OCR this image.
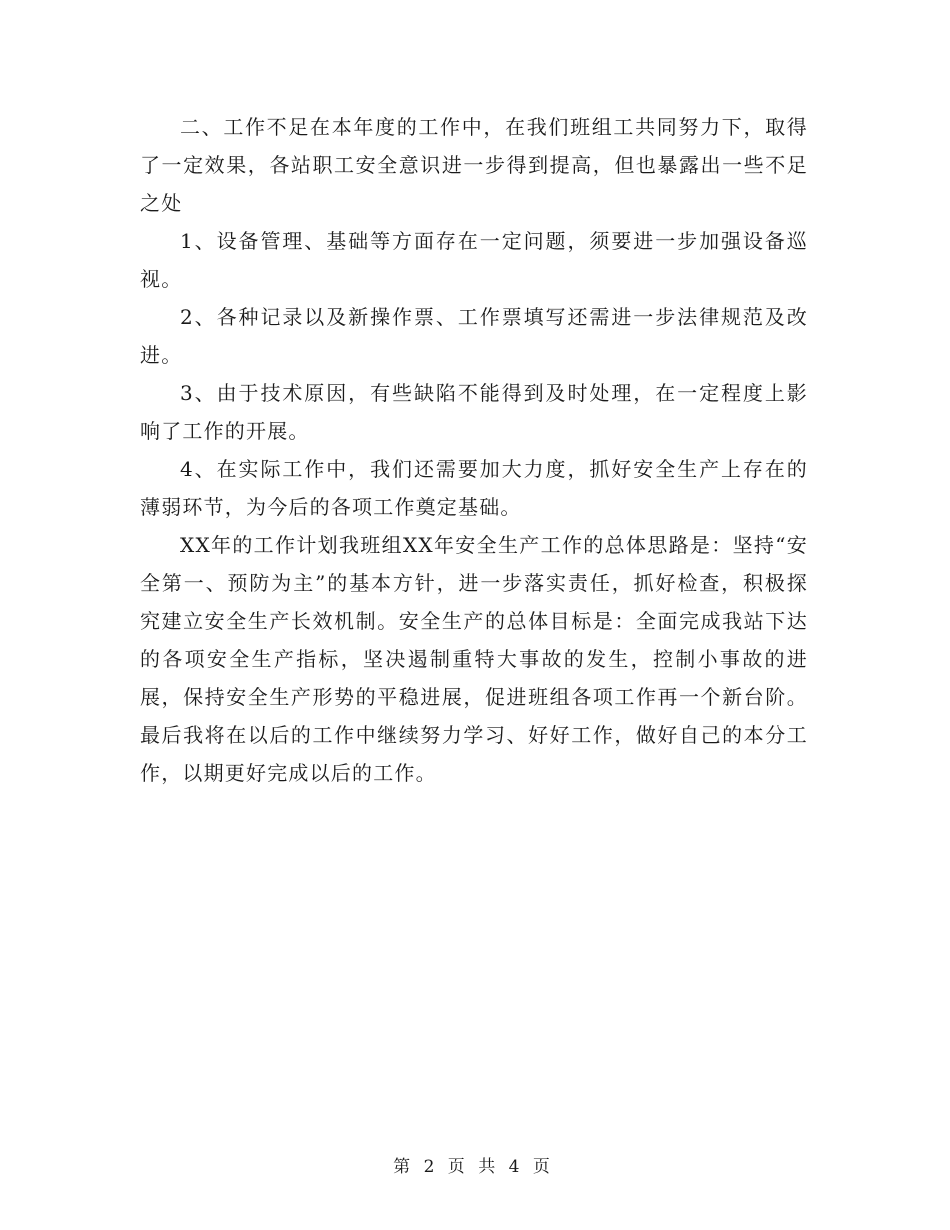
二、工作不足在本年度的工作中，在我们班组工共同努力下，取得了一定效果，各站职工安全意识进一步得到提高，但也暴露出一些不足之处

1、设备管理、基础等方面存在一定问题，须要进一步加强设备巡视。

2、各种记录以及新操作票、工作票填写还需进一步法律规范及改进。

3、由于技术原因，有些缺陷不能得到及时处理，在一定程度上影响了工作的开展。

4、在实际工作中，我们还需要加大力度，抓好安全生产上存在的薄弱环节，为今后的各项工作奠定基础。

XX年的工作计划我班组XX年安全生产工作的总体思路是：坚持“安全第一、预防为主”的基本方针，进一步落实责任，抓好检查，积极探究建立安全生产长效机制。安全生产的总体目标是：全面完成我站下达的各项安全生产指标，坚决遏制重特大事故的发生，控制小事故的进展，保持安全生产形势的平稳进展，促进班组各项工作再一个新台阶。最后我将在以后的工作中继续努力学习、好好工作，做好自己的本分工作，以期更好完成以后的工作。

第 2 页 共 4 页
